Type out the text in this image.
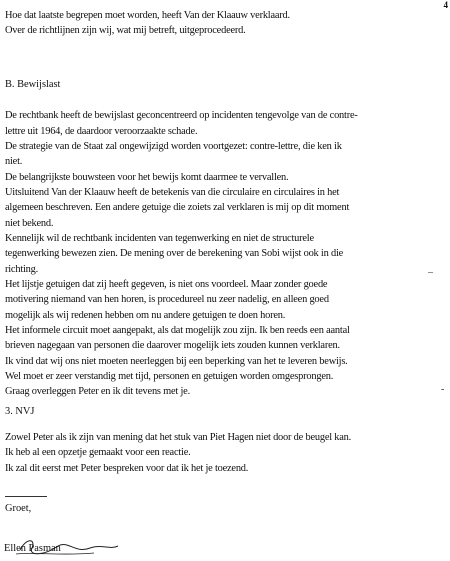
4
Hoe dat laatste begrepen moet worden, heeft Van der Klaauw verklaard.
Over de richtlijnen zijn wij, wat mij betreft, uitgeprocedeerd.
B. Bewijslast
De rechtbank heeft de bewijslast geconcentreerd op incidenten tengevolge van de contre-
lettre uit 1964, de daardoor veroorzaakte schade.
De strategie van de Staat zal ongewijzigd worden voortgezet: contre-lettre, die ken ik
niet.
De belangrijkste bouwsteen voor het bewijs komt daarmee te vervallen.
Uitsluitend Van der Klaauw heeft de betekenis van die circulaire en circulaires in het
algemeen beschreven. Een andere getuige die zoiets zal verklaren is mij op dit moment
niet bekend.
Kennelijk wil de rechtbank incidenten van tegenwerking en niet de structurele
tegenwerking bewezen zien. De mening over de berekening van Sobi wijst ook in die
richting.
Het lijstje getuigen dat zij heeft gegeven, is niet ons voordeel. Maar zonder goede
motivering niemand van hen horen, is procedureel nu zeer nadelig, en alleen goed
mogelijk als wij redenen hebben om nu andere getuigen te doen horen.
Het informele circuit moet aangepakt, als dat mogelijk zou zijn. Ik ben reeds een aantal
brieven nagegaan van personen die daarover mogelijk iets zouden kunnen verklaren.
Ik vind dat wij ons niet moeten neerleggen bij een beperking van het te leveren bewijs.
Wel moet er zeer verstandig met tijd, personen en getuigen worden omgesprongen.
Graag overleggen Peter en ik dit tevens met je.
_
-
3. NVJ
Zowel Peter als ik zijn van mening dat het stuk van Piet Hagen niet door de beugel kan.
Ik heb al een opzetje gemaakt voor een reactie.
Ik zal dit eerst met Peter bespreken voor dat ik het je toezend.
Groet,
Ellen Pasman
